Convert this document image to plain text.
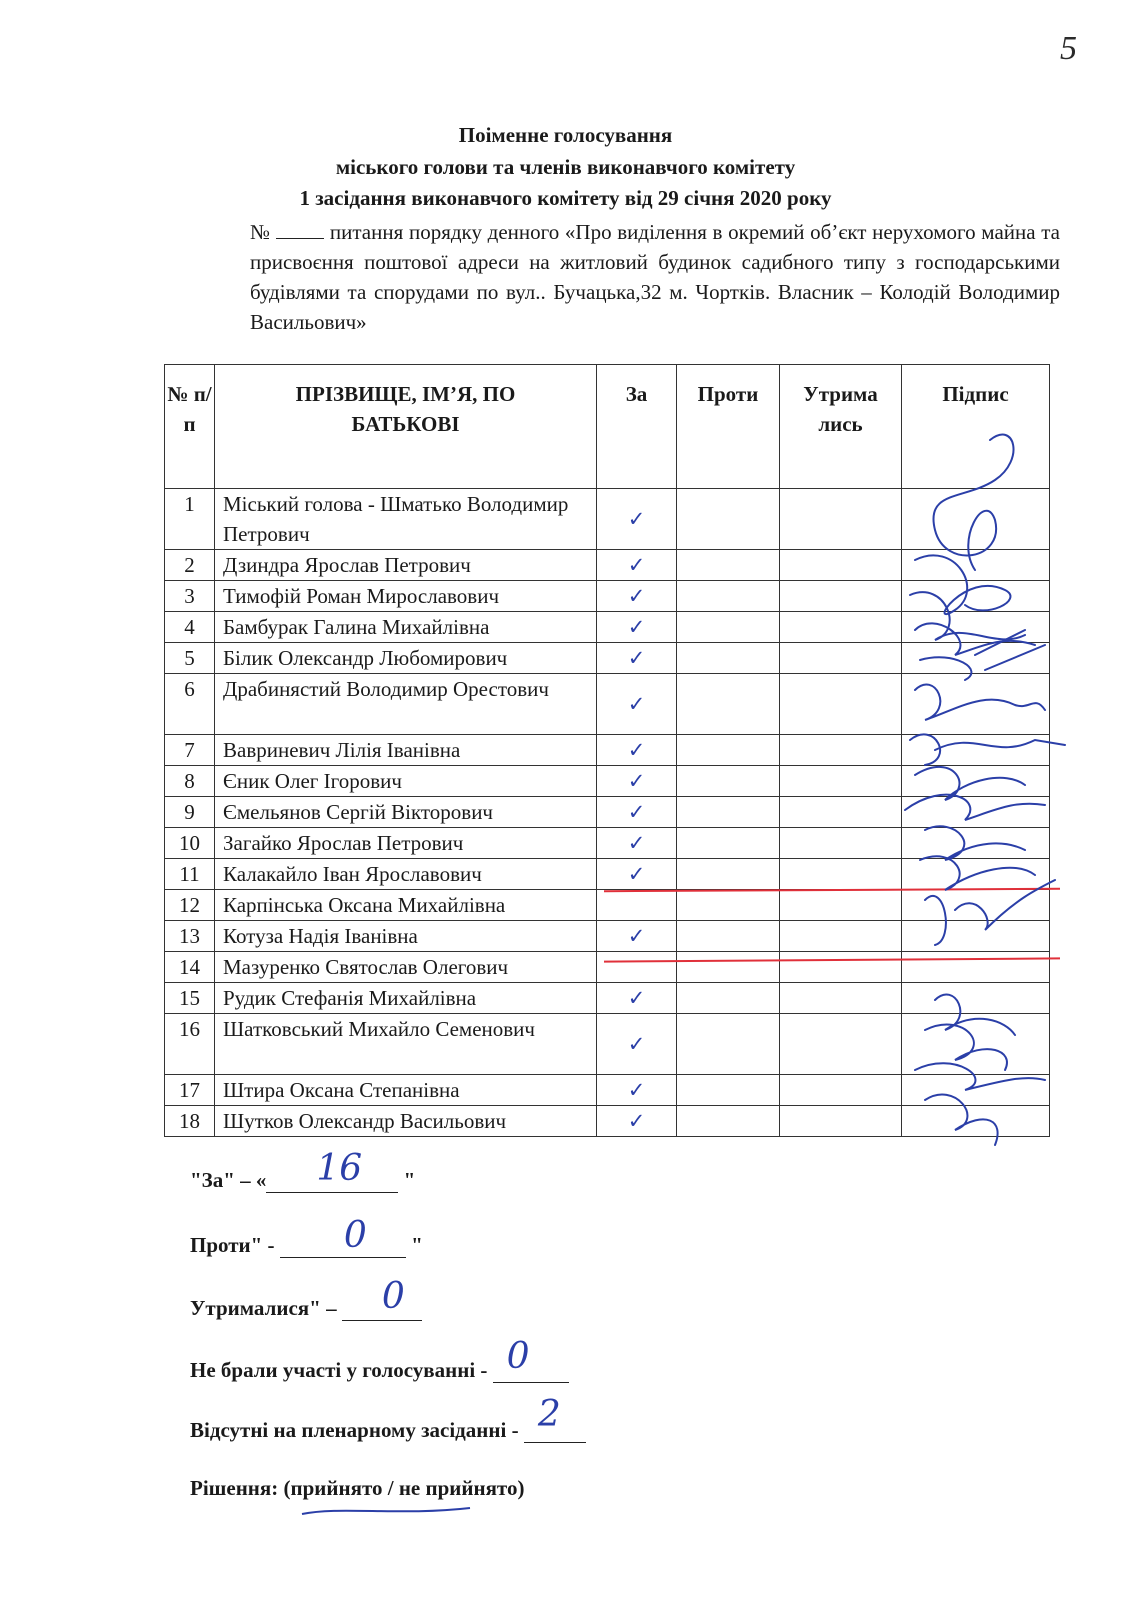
5
Поіменне голосування
міського голови та членів виконавчого комітету
1 засідання виконавчого комітету від 29 січня 2020 року
№	питання порядку денного «Про виділення в окремий об’єкт нерухомого майна та присвоєння поштової адреси на житловий будинок садибного типу з господарськими будівлями та спорудами по вул.. Бучацька,32 м. Чортків. Власник – Колодій Володимир Васильович»
№ п/ п	ПРІЗВИЩЕ, ІМ’Я, ПО БАТЬКОВІ	За	Проти	Утрима лись	Підпис
1	Міський голова - Шматько Володимир Петрович	✓			
2	Дзиндра Ярослав Петрович	✓			
3	Тимофій Роман Мирославович	✓			
4	Бамбурак Галина Михайлівна	✓			
5	Білик Олександр Любомирович	✓			
6	Драбинястий Володимир Орестович	✓			
7	Вавриневич Лілія Іванівна	✓			
8	Єник Олег Ігорович	✓			
9	Ємельянов Сергій Вікторович	✓			
10	Загайко Ярослав Петрович	✓			
11	Калакайло Іван Ярославович	✓			
12	Карпінська Оксана Михайлівна				
13	Котуза Надія Іванівна	✓			
14	Мазуренко Святослав Олегович				
15	Рудик Стефанія Михайлівна	✓			
16	Шатковський Михайло Семенович	✓			
17	Штира Оксана Степанівна	✓			
18	Шутков Олександр Васильович	✓			
"За" – « 16 "
Проти" - 0 "
Утрималися" – 0
Не брали участі у голосуванні - 0
Відсутні на пленарному засіданні - 2
Рішення: (прийнято / не прийнято)
